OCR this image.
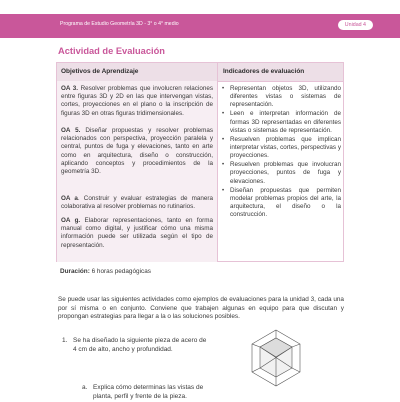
Programa de Estudio Geometría 3D - 3° o 4° medio	Unidad 4
Actividad de Evaluación
Objetivos de Aprendizaje	Indicadores de evaluación
OA 3. Resolver problemas que involucren relaciones entre figuras 3D y 2D en las que intervengan vistas, cortes, proyecciones en el plano o la inscripción de figuras 3D en otras figuras tridimensionales.
OA 5. Diseñar propuestas y resolver problemas relacionados con perspectiva, proyección paralela y central, puntos de fuga y elevaciones, tanto en arte como en arquitectura, diseño o construcción, aplicando conceptos y procedimientos de la geometría 3D.
OA a. Construir y evaluar estrategias de manera colaborativa al resolver problemas no rutinarios.
OA g. Elaborar representaciones, tanto en forma manual como digital, y justificar cómo una misma información puede ser utilizada según el tipo de representación.
• Representan objetos 3D, utilizando diferentes vistas o sistemas de representación.
• Leen e interpretan información de formas 3D representadas en diferentes vistas o sistemas de representación.
• Resuelven problemas que implican interpretar vistas, cortes, perspectivas y proyecciones.
• Resuelven problemas que involucran proyecciones, puntos de fuga y elevaciones.
• Diseñan propuestas que permiten modelar problemas propios del arte, la arquitectura, el diseño o la construcción.
Duración: 6 horas pedagógicas
Se puede usar las siguientes actividades como ejemplos de evaluaciones para la unidad 3, cada una por sí misma o en conjunto. Conviene que trabajen algunas en equipo para que discutan y propongan estrategias para llegar a la o las soluciones posibles.
1. Se ha diseñado la siguiente pieza de acero de 4 cm de alto, ancho y profundidad.
a. Explica cómo determinas las vistas de planta, perfil y frente de la pieza.
